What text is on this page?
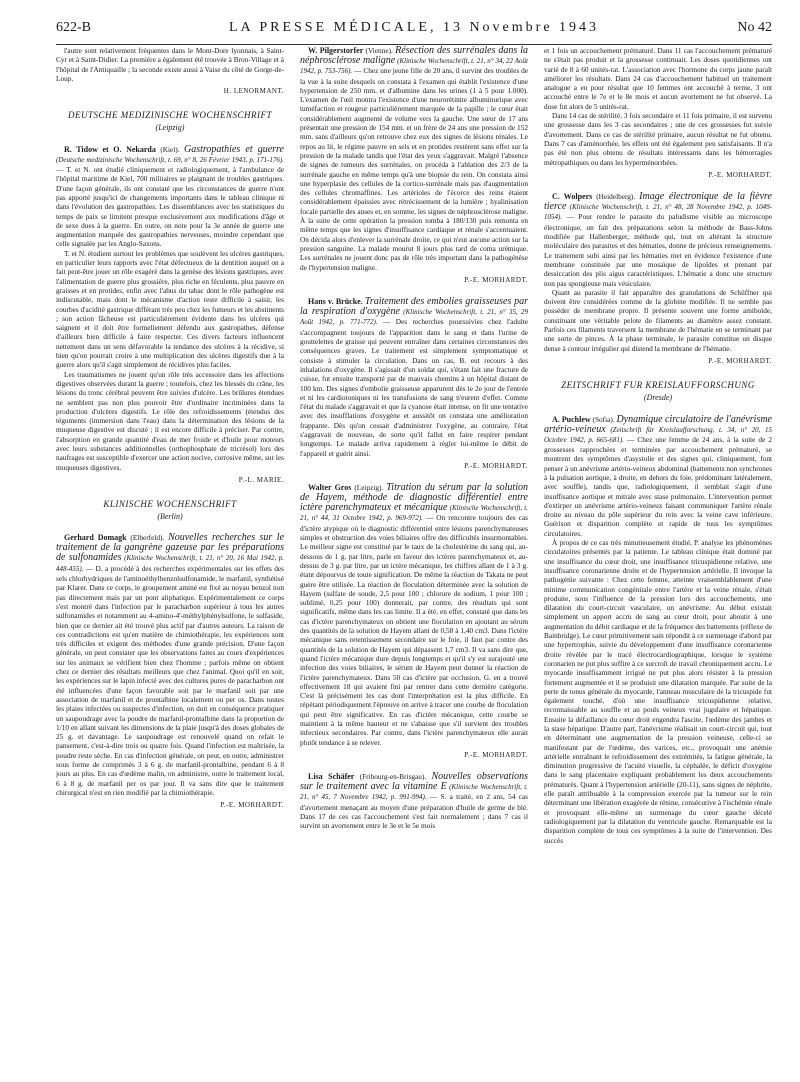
622-B	LA PRESSE MÉDICALE, 13 Novembre 1943	No 42

l'autre sont relativement fréquentes dans le Mont-Dore lyonnais, à Saint-Cyr et à Saint-Didier. La première a également été trouvée à Bron-Village et à l'hôpital de l'Antiquaille ; la seconde existe aussi à Vaise du côté de Gorge-de-Loup.

H. LENORMANT.
DEUTSCHE MEDIZINISCHE WOCHENSCHRIFT
(Leipzig)

R. Tidow et O. Nekarda (Kiel). Gastropathies et guerre (Deutsche medizinische Wochenschrift, t. 69, n° 8, 26 Février 1943, p. 171-176). — T. et N. ont étudié cliniquement et radiologiquement, à l'ambulance de l'hôpital maritime de Kiel, 700 militaires se plaignant de troubles gastriques. D'une façon générale, ils ont constaté que les circonstances de guerre n'ont pas apporté jusqu'ici de changements importants dans le tableau clinique ni dans l'évolution des gastropathies. Les dissemblances avec les statistiques du temps de paix se limitent presque exclusivement aux modifications d'âge et de sexe dues à la guerre. En outre, on note pour la 3e année de guerre une augmentation marquée des gastropathies nerveuses, moindre cependant que celle signalée par les Anglo-Saxons.

T. et N. étudient surtout les problèmes que soulèvent les ulcères gastriques, en particulier leurs rapports avec l'état défectueux de la dentition auquel on a fait peut-être jouer un rôle exagéré dans la genèse des lésions gastriques, avec l'alimentation de guerre plus grossière, plus riche en féculents, plus pauvre en graisses et en protides, enfin avec l'abus du tabac dont le rôle pathogène est indiscutable, mais dont le mécanisme d'action reste difficile à saisir, les courbes d'acidité gastrique différant très peu chez les fumeurs et les abstinents ; son action fâcheuse est particulièrement évidente dans les ulcères qui saignent et il doit être formellement défendu aux gastropathes, défense d'ailleurs bien difficile à faire respecter. Ces divers facteurs influencent nettement dans un sens défavorable la tendance des ulcères à la récidive, si bien qu'on pourrait croire à une multiplication des ulcères digestifs due à la guerre alors qu'il s'agit simplement de récidives plus faciles.

Les traumatismes ne jouent qu'un rôle très accessoire dans les affections digestives observées durant la guerre ; toutefois, chez les blessés du crâne, les lésions du tronc cérébral peuvent être suivies d'ulcère. Les brûlures étendues ne semblent pas non plus pouvoir être d'ordinaire incriminées dans la production d'ulcères digestifs. Le rôle des refroidissements (étendus des téguments (immersion dans l'eau) dans la détermination des lésions de la muqueuse digestive est discuté ; il est encore difficile à préciser. Par contre, l'absorption en grande quantité d'eau de mer froide et d'huile pour moteurs avec leurs substances additionnelles (orthophosphate de tricrésol) lors des naufrages est susceptible d'exercer une action nocive, corrosive même, sur les muqueuses digestives.

P.-L. MARIE.
KLINISCHE WOCHENSCHRIFT
(Berlin)

Gerhard Domagk (Elberfeld). Nouvelles recherches sur le traitement de la gangrène gazeuse par les préparations de sulfonamides (Klinische Wochenschrift, t. 21, n° 20, 16 Mai 1942, p. 448-455). — D. a procédé à des recherches expérimentales sur les effets des sels chlorhydriques de l'aminoéthylbenzolsulfonamide, le marfanil, synthétisé par Klarer. Dans ce corps, le groupement aminé est fixé au noyau benzol non pas directement mais par un pont aliphatique. Expérimentalement ce corps s'est montré dans l'infection par le paracharbon supérieur à tous les autres sulfonamides et notamment au 4-amino-4'-méthylphénylsulfone, le sulfaside, bien que ce dernier ait été trouvé plus actif par d'autres auteurs. La raison de ces contradictions est qu'en matière de chimiothérapie, les expériences sont très difficiles et exigent des méthodes d'une grande précision. D'une façon générale, on peut constater que les observations faites au cours d'expériences sur les animaux se vérifient bien chez l'homme ; parfois même on obtient chez ce dernier des résultats meilleurs que chez l'animal. Quoi qu'il en soit, les expériences sur le lapin infecté avec des cultures pures de paracharbon ont été influencées d'une façon favorable soit par le marfanil soit par une association de marfanil et de prontalbine localement ou per os. Dans toutes les plaies infectées ou suspectes d'infection, on doit en conséquence pratiquer un saupoudrage avec la poudre de marfanil-prontalbine dans la proportion de 1/10 en allant suivant les dimensions de la plaie jusqu'à des doses globales de 25 g. et davantage. Le saupoudrage est renouvelé quand on refait le pansement, c'est-à-dire trois ou quatre fois. Quand l'infection est maîtrisée, la poudre reste sèche. En cas d'infection générale, on peut, en outre, administrer sous forme de comprimés 3 à 6 g. de marfanil-prontalbine, pendant 6 à 8 jours au plus. En cas d'œdème malin, on administre, outre le traitement local, 6 à 8 g. de marfanil per os par jour. Il va sans dire que le traitement chirurgical n'est en rien modifié par la chimiothérapie.

P.-E. MORHARDT.

W. Pilgerstorfer (Vienne). Résection des surrénales dans la néphrosclérose maligne (Klinische Wochenschrift, t. 21, n° 34, 22 Août 1942, p. 753-756). — Chez une jeune fille de 20 ans, il survint des troubles de la vue à la suite desquels on constata à l'examen qui établit l'existence d'une hypertension de 250 mm. et d'albumine dans les urines (1 à 5 pour 1.000). L'examen de l'œil montra l'existence d'une neurorétinite albuminurique avec tuméfaction et rougeur particulièrement marquée de la papille ; le cœur était considérablement augmenté de volume vers la gauche. Une sœur de 17 ans présentait une pression de 154 mm. et un frère de 24 ans une pression de 152 mm. sans d'ailleurs qu'on retrouve chez eux des signes de lésions rénales. Le repos au lit, le régime pauvre en sels et en protides restèrent sans effet sur la pression de la malade tandis que l'état des yeux s'aggravait. Malgré l'absence de signes de tumeurs des surrénales, on procéda à l'ablation des 2/3 de la surrénale gauche en même temps qu'à une biopsie du rein. On constata ainsi une hyperplasie des cellules de la cortico-surrénale mais pas d'augmentation des cellules chromaffines. Les artérioles de l'écorce des reins étaient considérablement épaissies avec rétrécissement de la lumière ; hyalinisation focale partielle des anses et, en somme, les signes de néphrosclérose maligne. À la suite de cette opération la pression tomba à 180/130 puis remonta en même temps que les signes d'insuffisance cardiaque et rénale s'accentuaient. On décida alors d'enlever la surrénale droite, ce qui n'eut aucune action sur la pression sanguine. La malade mourut 8 jours plus tard de coma urémique. Les surrénales ne jouent donc pas de rôle très important dans la pathogénèse de l'hypertension maligne.

P.-E. MORHARDT.

Hans v. Brücke. Traitement des embolies graisseuses par la respiration d'oxygène (Klinische Wochenschrift, t. 21, n° 35, 29 Août 1942, p. 771-772). — Des recherches poursuivies chez l'adulte s'accompagnent toujours de l'apparition dans le sang et dans l'urine de gouttelettes de graisse qui peuvent entraîner dans certaines circonstances des conséquences graves. Le traitement est simplement symptomatique et consiste à stimuler la circulation. Dans un cas, B. eut recours à des inhalations d'oxygène. Il s'agissait d'un soldat qui, s'étant fait une fracture de cuisse, fut ensuite transporté par de mauvais chemins à un hôpital distant de 100 km. Des signes d'embolie graisseuse apparurent dès le 2e jour de l'entrée et ni les cardiotoniques ni les transfusions de sang n'eurent d'effet. Comme l'état du malade s'aggravait et que la cyanose était intense, on fit une tentative avec des insufflations d'oxygène et aussitôt on constata une amélioration frappante. Dès qu'on cessait d'administrer l'oxygène, au contraire, l'état s'aggravait de nouveau, de sorte qu'il fallut en faire respirer pendant longtemps. Le malade arriva rapidement à régler lui-même le débit de l'appareil et guérit ainsi.

P.-E. MORHARDT.

Walter Gros (Leipzig). Titration du sérum par la solution de Hayem, méthode de diagnostic différentiel entre ictère parenchymateux et mécanique (Klinische Wochenschrift, t. 21, n° 44, 31 Octobre 1942, p. 969-972). — On rencontre toujours des cas d'ictère atypique où le diagnostic différentiel entre lésions parenchymateuses simples et obstruction des voies biliaires offre des difficultés insurmontables. Le meilleur signe est constitué par le taux de la cholestérine du sang qui, au-dessous de 1 g. par litre, parle en faveur des ictères parenchymateux et, au-dessus de 3 g. par litre, par un ictère mécanique, les chiffres allant de 1 à 3 g. étant dépourvus de toute signification. De même la réaction de Takata ne peut guère être utilisée. La réaction de floculation déterminée avec la solution de Hayem (sulfate de soude, 2,5 pour 100 ; chlorure de sodium, 1 pour 100 ; sublimé, 0,25 pour 100) donnerait, par contre, des résultats qui sont significatifs, même dans les cas limite. Il a été, en effet, constaté que dans les cas d'ictère parenchymateux on obtient une floculation en ajoutant au sérum des quantités de la solution de Hayem allant de 0,58 à 1,40 cm3. Dans l'ictère mécanique sans retentissement secondaire sur le foie, il faut par contre des quantités de la solution de Hayem qui dépassent 1,7 cm3. Il va sans dire que, quand l'ictère mécanique dure depuis longtemps et qu'il s'y est surajouté une infection des voies biliaires, le sérum de Hayem peut donner la réaction de l'ictère parenchymateux. Dans 50 cas d'ictère par occlusion, G. en a trouvé effectivement 18 qui avaient fini par rentrer dans cette dernière catégorie. C'est là précisément les cas dont l'interprétation est la plus difficile. En répétant périodiquement l'épreuve on arrive à tracer une courbe de floculation qui peut être significative. En cas d'ictère mécanique, cette courbe se maintient à la même hauteur et ne s'abaisse que s'il survient des troubles infectieux secondaires. Par contre, dans l'ictère parenchymateux elle aurait plutôt tendance à se relever.

P.-E. MORHARDT.

Lisa Schäfer (Fribourg-en-Brisgau). Nouvelles observations sur le traitement avec la vitamine E (Klinische Wochenschrift, t. 21, n° 45, 7 Novembre 1942, p. 991-994). — S. a traité, en 2 ans, 54 cas d'avortement menaçant au moyen d'une préparation d'huile de germe de blé. Dans 17 de ces cas l'accouchement s'est fait normalement ; dans 7 cas il survint un avortement entre le 3e et le 5e mois

et 1 fois un accouchement prématuré. Dans 11 cas l'accouchement prématuré ne s'était pas produit et la grossesse continuait. Les doses quotidiennes ont varié de 8 à 60 unités-rat. L'association avec l'hormone du corps jaune paraît améliorer les résultats. Dans 24 cas d'accouchement habituel un traitement analogue a eu pour résultat que 10 femmes ont accouché à terme, 3 ont accouché entre le 7e et le 8e mois et aucun avortement ne fut observé. La dose fut alors de 5 unités-rat.

Dans 14 cas de stérilité, 3 fois secondaire et 11 fois primaire, il est survenu une grossesse dans les 3 cas secondaires ; une de ces grossesses fut suivie d'avortement. Dans ce cas de stérilité primaire, aucun résultat ne fut obtenu. Dans 7 cas d'aménorrhée, les effets ont été également peu satisfaisants. Il n'a pas été non plus obtenu de résultats intéressants dans les hémorragies métropathiques ou dans les hyperménorrhées.

P.-E. MORHARDT.

C. Wolpers (Heidelberg). Image électronique de la fièvre tierce (Klinische Wochenschrift, t. 21, n° 48, 28 Novembre 1942, p. 1049-1054). — Pour rendre le parasite du paludisme visible au microscope électronique, on fait des préparations selon la méthode de Bass-Johns modifiée par Hallenberger, méthode qui, tout en altérant la structure moléculaire des parasites et des hématies, donne de précieux renseignements. Le traitement subi ainsi par les hématies met en évidence l'existence d'une membrane constituée par une mosaïque de lipoïdes et prenant par dessiccation des plis aigus caractéristiques. L'hématie a donc une structure non pas spongieuse mais vésiculaire.

Quant au parasite il fait apparaître des granulations de Schüffner qui doivent être considérées comme de la globine modifiée. Il ne semble pas posséder de membrane propre. Il présente souvent une forme amiboïde, constituant une véritable pelote de filaments au diamètre assez constant. Parfois ces filaments traversent la membrane de l'hématie en se terminant par une sorte de pinces. À la phase terminale, le parasite constitue un disque dense à contour irrégulier qui distend la membrane de l'hématie.

P.-E. MORHARDT.
ZEITSCHRIFT FUR KREISLAUFFORSCHUNG
(Dresde)

A. Puchlew (Sofia). Dynamique circulatoire de l'anévrisme artério-veineux (Zeitschrift für Kreislaufforschung, t. 34, n° 20, 15 Octobre 1942, p. 665-681). — Chez une femme de 24 ans, à la suite de 2 grossesses rapprochées et terminées par accouchement prématuré, se montrent des symptômes d'asystolie et des signes qui, cliniquement, font penser à un anévrisme artério-veineux abdominal (battements non synchrones à la pulsation aortique, à droite, en dehors du foie, prédominant latéralement, avec souffle), tandis que, radiologiquement, il semblait s'agir d'une insuffisance aortique et mitrale avec stase pulmonaire. L'intervention permet d'extirper un anévrisme artério-veineux faisant communiquer l'artère rénale droite au niveau du pôle supérieur du rein avec la veine cave inférieure. Guérison et disparition complète et rapide de tous les symptômes circulatoires.

À propos de ce cas très minutieusement étudié, P. analyse les phénomènes circulatoires présentés par la patiente. Le tableau clinique était dominé par une insuffisance du cœur droit, une insuffisance tricuspidienne relative, une insuffisance coronarienne droite et de l'hypertension artérielle. Il invoque la pathogénie suivante : Chez cette femme, atteinte vraisemblablement d'une minime communication congénitale entre l'artère et la veine rénale, s'était produite, sous l'influence de la pression lors des accouchements, une dilatation du court-circuit vasculaire, un anévrisme. Au début existait simplement un apport accru de sang au cœur droit, pour aboutir à une augmentation du débit cardiaque et de la fréquence des battements (réflexe de Bainbridge). Le cœur primitivement sain répondit à ce surmenage d'abord par une hypertrophie, suivie du développement d'une insuffisance coronarienne droite révélée par le tracé électrocardiographique, lorsque le système coronarien ne put plus suffire à ce surcroît de travail chroniquement accru. Le myocarde insuffisamment irrigué ne put plus alors résister à la pression fortement augmentée et il se produisit une dilatation marquée. Par suite de la perte de tonus générale du myocarde, l'anneau musculaire de la tricuspide fut également touché, d'où une insuffisance tricuspidienne relative, reconnaissable au souffle et au pouls veineux vrai jugulaire et hépatique. Ensuite la défaillance du cœur droit engendra l'ascite, l'œdème des jambes et la stase hépatique. D'autre part, l'anévrisme réalisait un court-circuit qui, tout en déterminant une augmentation de la pression veineuse, celle-ci se manifestant par de l'œdème, des varices, etc., provoquait une anémie artérielle entraînant le refroidissement des extrémités, la fatigue générale, la diminution progressive de l'acuité visuelle, la céphalée, le déficit d'oxygène dans le sang placentaire expliquant probablement les deux accouchements prématurés. Quant à l'hypertension artérielle (20-11), sans signes de néphrite, elle paraît attribuable à la compression exercée par la tumeur sur le rein déterminant une libération exagérée de rénine, consécutive à l'ischémie rénale et provoquant elle-même un surmenage du cœur gauche décelé radiologiquement par la dilatation du ventricule gauche. Remarquable est la disparition complète de tous ces symptômes à la suite de l'intervention. Des succès
